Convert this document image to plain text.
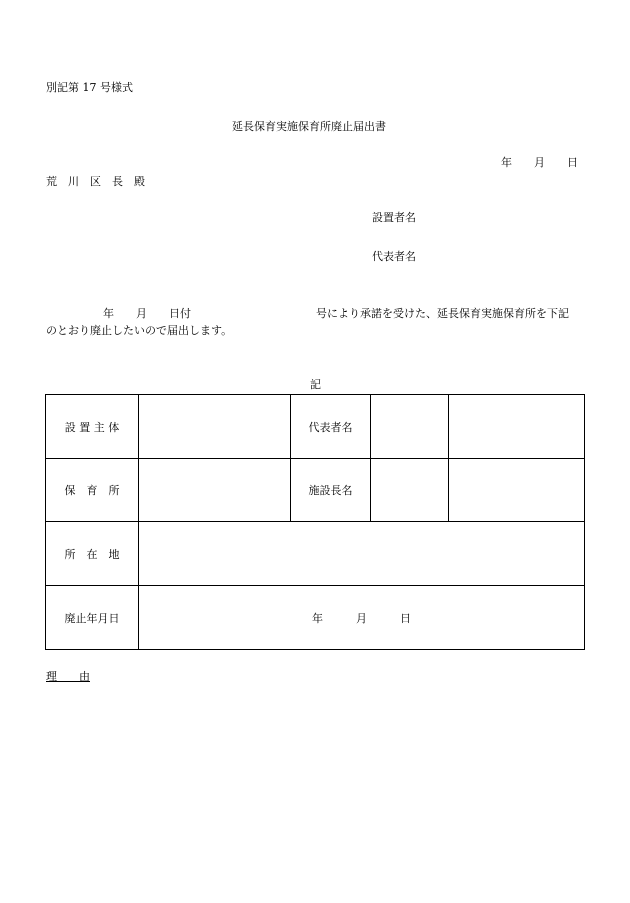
別記第 17 号様式
延長保育実施保育所廃止届出書
年　　月　　日
荒　川　区　長　殿
設置者名
代表者名
年　　月　　日付	号により承諾を受けた、延長保育実施保育所を下記
のとおり廃止したいので届出します。
記
設 置 主 体		代表者名		
保　育　所		施設長名		
所　在　地				
廃止年月日	年　　　月　　　日			
理　　由
